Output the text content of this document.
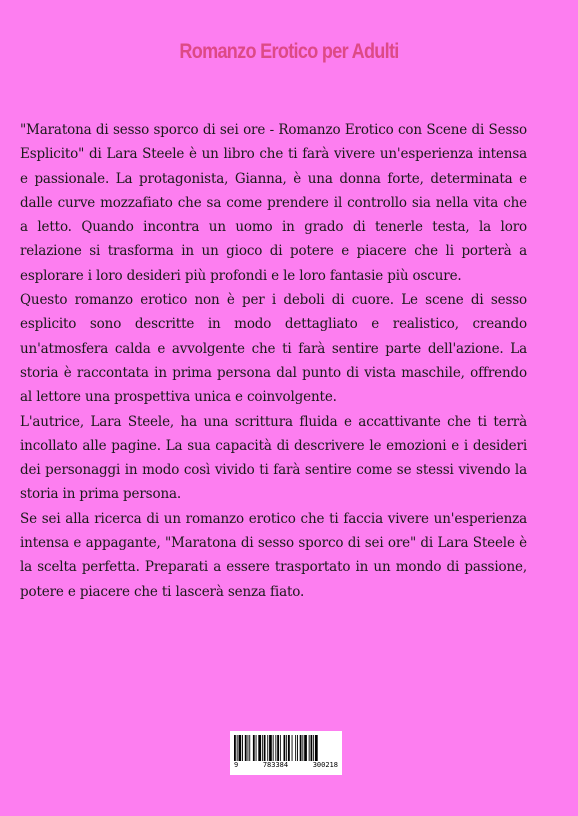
Romanzo Erotico per Adulti

"Maratona di sesso sporco di sei ore - Romanzo Erotico con Scene di Sesso Esplicito" di Lara Steele è un libro che ti farà vivere un'esperienza intensa e passionale. La protagonista, Gianna, è una donna forte, determinata e dalle curve mozzafiato che sa come prendere il controllo sia nella vita che a letto. Quando incontra un uomo in grado di tenerle testa, la loro relazione si trasforma in un gioco di potere e piacere che li porterà a esplorare i loro desideri più profondi e le loro fantasie più oscure.

Questo romanzo erotico non è per i deboli di cuore. Le scene di sesso esplicito sono descritte in modo dettagliato e realistico, creando un'atmosfera calda e avvolgente che ti farà sentire parte dell'azione. La storia è raccontata in prima persona dal punto di vista maschile, offrendo al lettore una prospettiva unica e coinvolgente.

L'autrice, Lara Steele, ha una scrittura fluida e accattivante che ti terrà incollato alle pagine. La sua capacità di descrivere le emozioni e i desideri dei personaggi in modo così vivido ti farà sentire come se stessi vivendo la storia in prima persona.

Se sei alla ricerca di un romanzo erotico che ti faccia vivere un'esperienza intensa e appagante, "Maratona di sesso sporco di sei ore" di Lara Steele è la scelta perfetta. Preparati a essere trasportato in un mondo di passione, potere e piacere che ti lascerà senza fiato.

9	783384	300218
